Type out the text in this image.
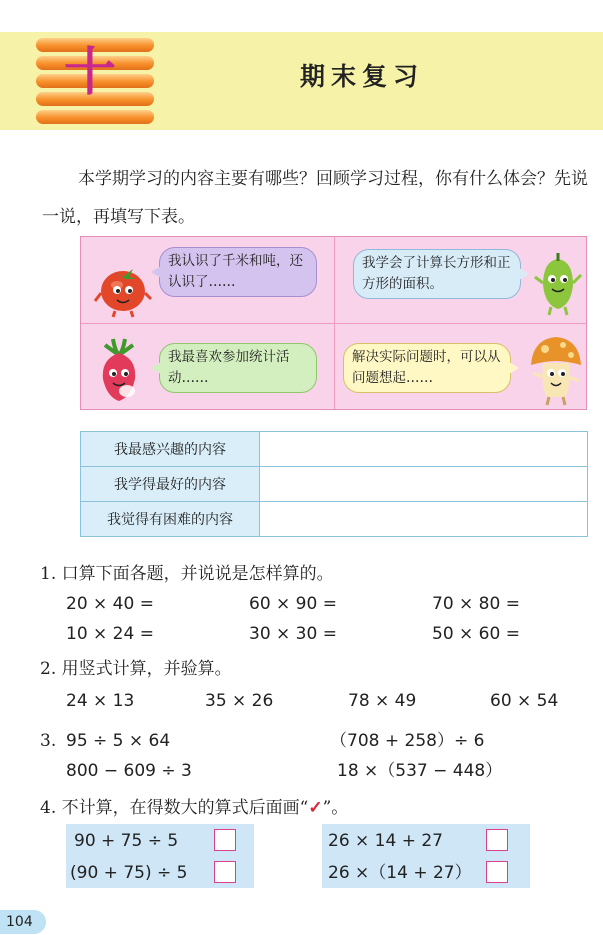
十	期末复习
本学期学习的内容主要有哪些？回顾学习过程，你有什么体会？先说一说，再填写下表。
我认识了千米和吨，还认识了……
我学会了计算长方形和正方形的面积。
我最喜欢参加统计活动……
解决实际问题时，可以从问题想起……
我最感兴趣的内容	
我学得最好的内容	
我觉得有困难的内容	
1. 口算下面各题，并说说是怎样算的。
20 × 40 =	60 × 90 =	70 × 80 =
10 × 24 =	30 × 30 =	50 × 60 =
2. 用竖式计算，并验算。
24 × 13	35 × 26	78 × 49	60 × 54
3. 95 ÷ 5 × 64	（708 + 258）÷ 6
800 − 609 ÷ 3	18 ×（537 − 448）
4. 不计算，在得数大的算式后面画“✓”。
90 + 75 ÷ 5
(90 + 75) ÷ 5
26 × 14 + 27
26 ×（14 + 27）
104
